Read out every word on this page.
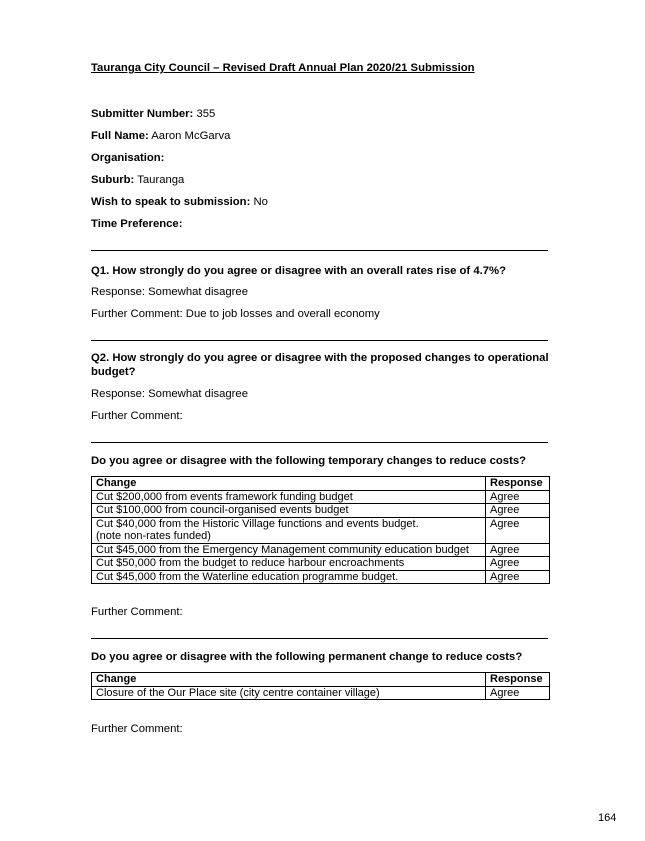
Tauranga City Council – Revised Draft Annual Plan 2020/21 Submission
Submitter Number: 355
Full Name: Aaron McGarva
Organisation:
Suburb: Tauranga
Wish to speak to submission: No
Time Preference:
Q1. How strongly do you agree or disagree with an overall rates rise of 4.7%?
Response: Somewhat disagree
Further Comment: Due to job losses and overall economy
Q2. How strongly do you agree or disagree with the proposed changes to operational budget?
Response: Somewhat disagree
Further Comment:
Do you agree or disagree with the following temporary changes to reduce costs?
Change	Response
Cut $200,000 from events framework funding budget	Agree
Cut $100,000 from council-organised events budget	Agree
Cut $40,000 from the Historic Village functions and events budget.
(note non-rates funded)	Agree
Cut $45,000 from the Emergency Management community education budget	Agree
Cut $50,000 from the budget to reduce harbour encroachments	Agree
Cut $45,000 from the Waterline education programme budget.	Agree
Further Comment:
Do you agree or disagree with the following permanent change to reduce costs?
Change	Response
Closure of the Our Place site (city centre container village)	Agree
Further Comment:
164
